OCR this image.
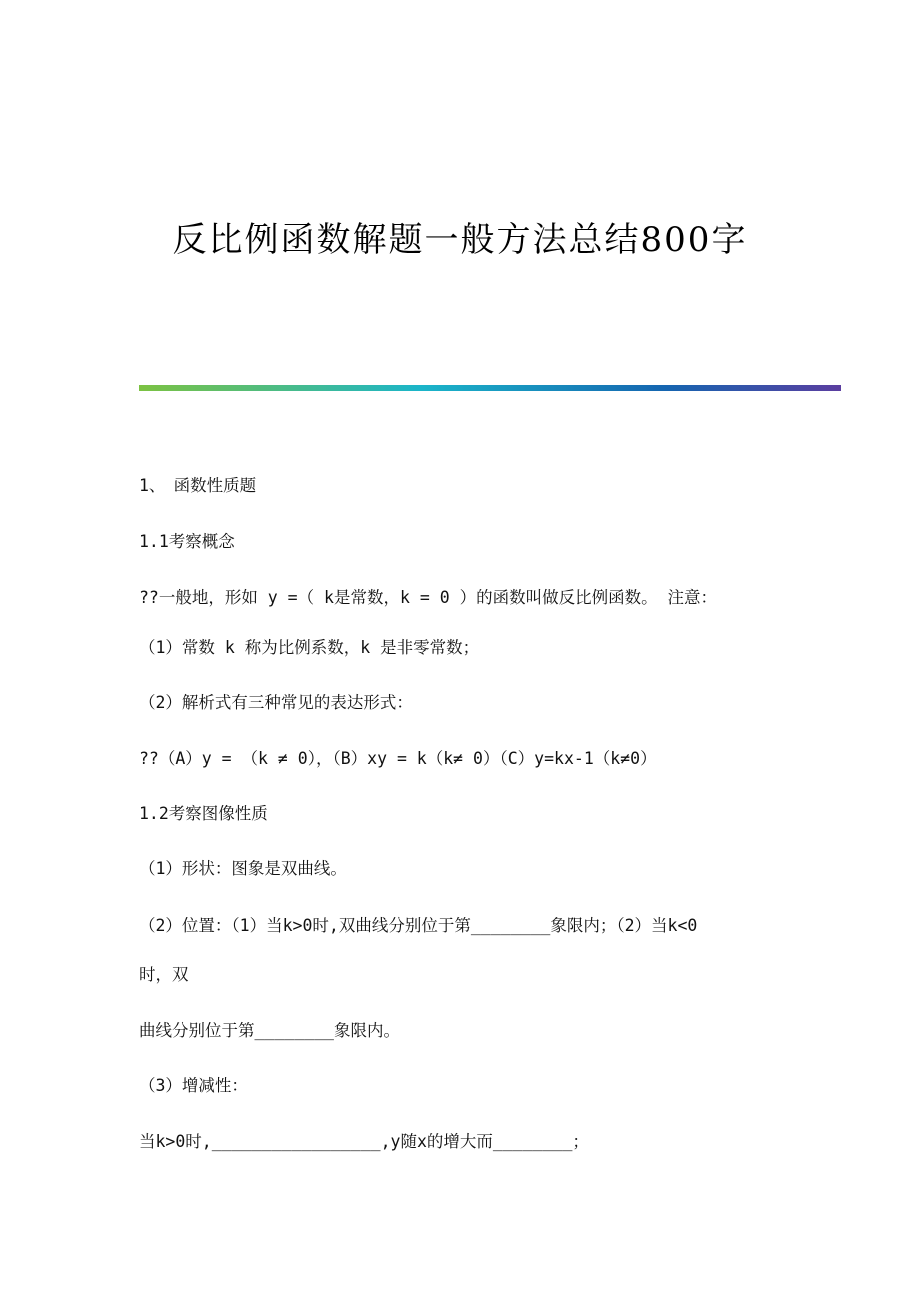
反比例函数解题一般方法总结800字
1、　函数性质题
1.1考察概念
??一般地，形如 y =（ k是常数，k = 0 ）的函数叫做反比例函数。 注意：
（1）常数 k 称为比例系数，k 是非零常数；
（2）解析式有三种常见的表达形式：
??（A）y = （k ≠ 0），（B）xy = k（k≠ 0）（C）y=kx-1（k≠0）
1.2考察图像性质
（1）形状：图象是双曲线。
（2）位置：（1）当k>0时,双曲线分别位于第________象限内；（2）当k<0
时，双
曲线分别位于第________象限内。
（3）增减性：
当k>0时,_________________,y随x的增大而________；
